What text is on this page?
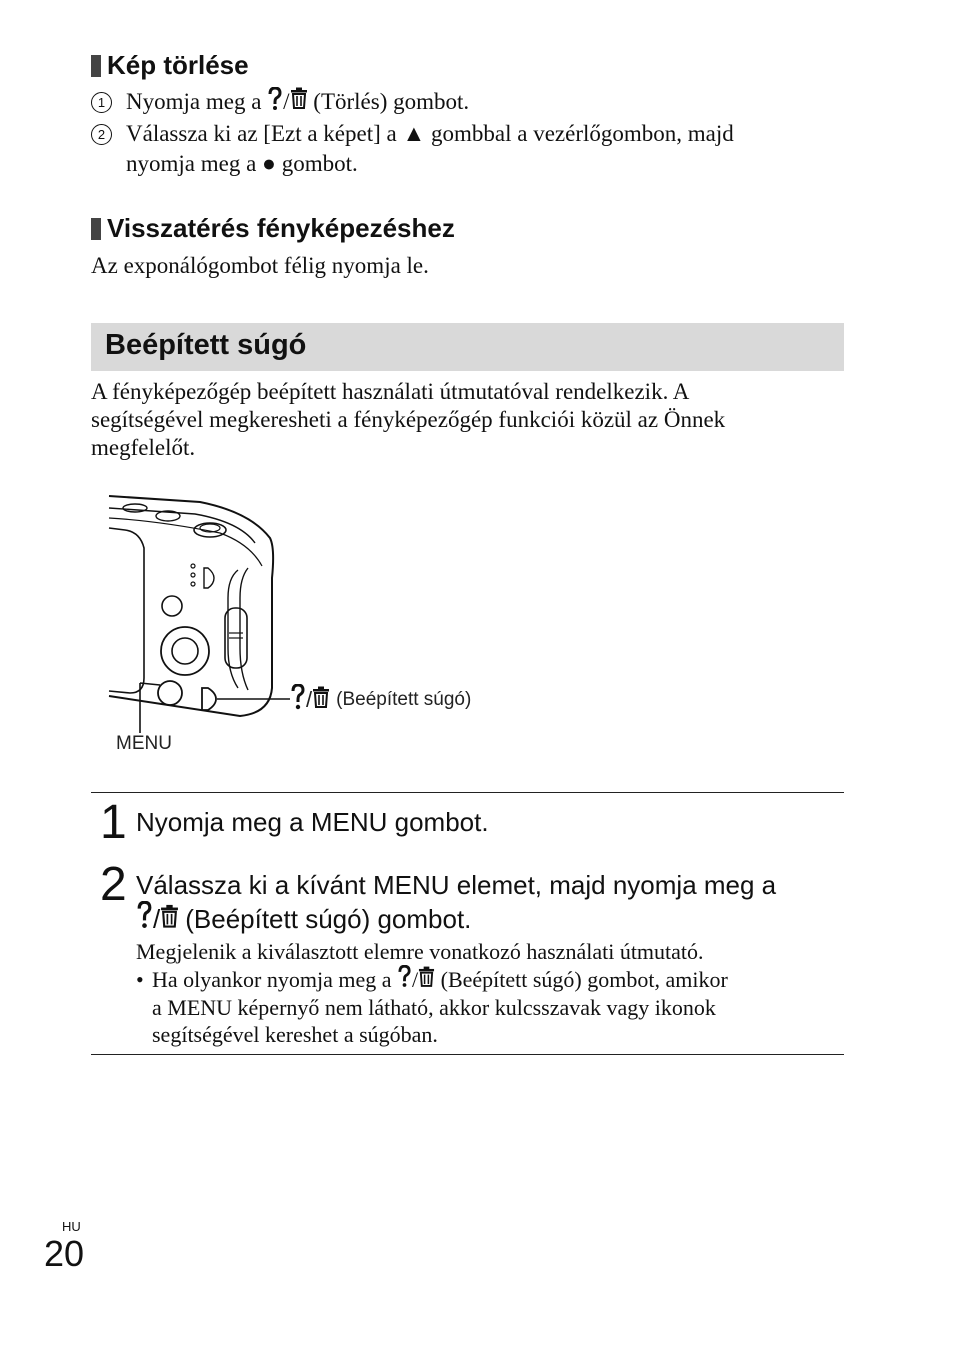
Kép törlése
1 Nyomja meg a
/
(Törlés) gombot.
2 Válassza ki az [Ezt a képet] a ▲ gombbal a vezérlőgombon, majd
nyomja meg a ● gombot.
Visszatérés fényképezéshez
Az exponálógombot félig nyomja le.
Beépített súgó
A fényképezőgép beépített használati útmutatóval rendelkezik. A
segítségével megkeresheti a fényképezőgép funkciói közül az Önnek
megfelelőt.
/ (Beépített súgó)
MENU
1 Nyomja meg a MENU gombot.
2 Válassza ki a kívánt MENU elemet, majd nyomja meg a
/ (Beépített súgó) gombot.
Megjelenik a kiválasztott elemre vonatkozó használati útmutató.
• Ha olyankor nyomja meg a
/
(Beépített súgó) gombot, amikor
a MENU képernyő nem látható, akkor kulcsszavak vagy ikonok
segítségével kereshet a súgóban.
HU
20
